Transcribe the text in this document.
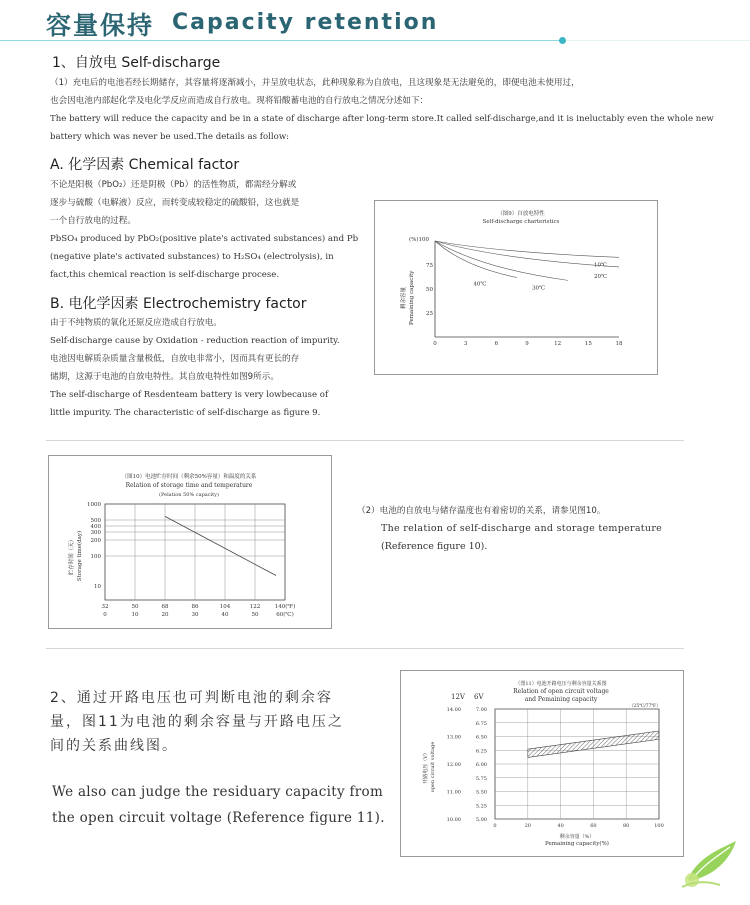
容量保持 Capacity retention
1、自放电 Self-discharge
（1）充电后的电池若经长期储存，其容量将逐渐减小，并呈放电状态，此种现象称为自放电，且这现象是无法避免的，即便电池未使用过，
也会因电池内部起化学及电化学反应而造成自行放电。现将铅酸蓄电池的自行放电之情况分述如下：
The battery will reduce the capacity and be in a state of discharge after long-term store.It called self-discharge,and it is ineluctably even the whole new
battery which was never be used.The details as follow:
A. 化学因素 Chemical factor
不论是阳极（PbO₂）还是阴极（Pb）的活性物质，都需经分解或
逐步与硫酸（电解液）反应，而转变成较稳定的硫酸铅，这也就是
一个自行放电的过程。
PbSO₄ produced by PbO₂(positive plate's activated substances) and Pb
(negative plate's activated substances) to H₂SO₄ (electrolysis), in
fact,this chemical reaction is self-discharge procese.
B. 电化学因素 Electrochemistry factor
由于不纯物质的氧化还原反应造成自行放电。
Self-discharge cause by Oxidation - reduction reaction of impurity.
电池因电解质杂质量含量极低，自放电非常小，因而具有更长的存
储期，这源于电池的自放电特性。其自放电特性如图9所示。
The self-discharge of Resdenteam battery is very lowbecause of
little impurity. The characteristic of self-discharge as figure 9.
（图9）自放电特性
Self-discharge charteristics
(%)100
剩余容量 Pemaining capacity
0	3	6	9	12	15	18
75
50
25
10℃
20℃
30℃
40℃
（图10）电池贮存时间（剩余50%容量）和温度的关系
Relation of storage time and temperature
(Pelation 50% capacity)
贮存时间（天） Storage time(day)
1000
500
400
300
200
100
10
32
0
50
10
68
20
86
30
104
40
122
50
140(℉)
60(℃)
（2）电池的自放电与储存温度也有着密切的关系，请参见图10。
The relation of self-discharge and storage temperature
(Reference figure 10).
2、通过开路电压也可判断电池的剩余容
量，图11为电池的剩余容量与开路电压之
间的关系曲线图。
We also can judge the residuary capacity from
the open circuit voltage (Reference figure 11).
（图11）电池开路电压与剩余容量关系图
Relation of open circuit voltage
and Pemaining capacity
12V 6V
（25℃/77℉）
开路电压（V） open circuit voltage
剩余容量（%）
Pemaining capacity(%)
7.00
6.75
6.50
6.25
6.00
5.75
5.50
5.25
5.00
14.00
13.00
12.00
11.00
10.00
0	20	40	60	80	100
